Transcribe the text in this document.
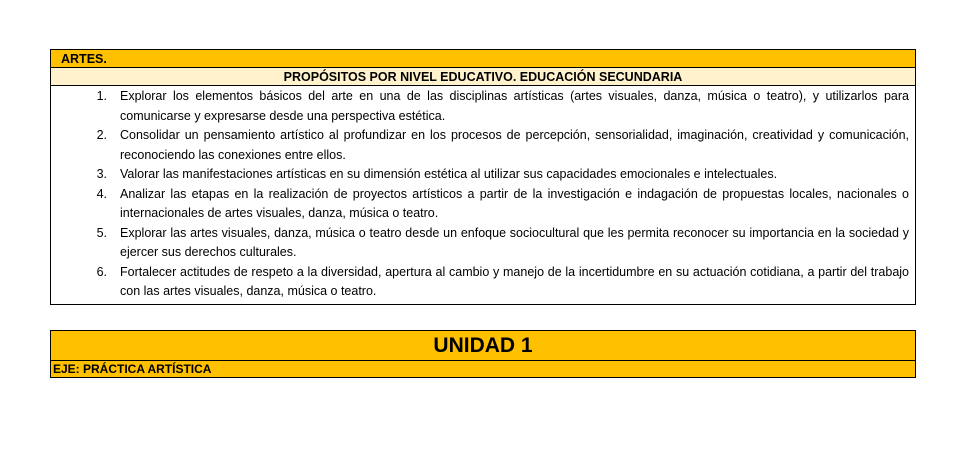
ARTES.
PROPÓSITOS POR NIVEL EDUCATIVO. EDUCACIÓN SECUNDARIA

1.	Explorar los elementos básicos del arte en una de las disciplinas artísticas (artes visuales, danza, música o teatro), y utilizarlos para comunicarse y expresarse desde una perspectiva estética.
2.	Consolidar un pensamiento artístico al profundizar en los procesos de percepción, sensorialidad, imaginación, creatividad y comunicación, reconociendo las conexiones entre ellos.
3.	Valorar las manifestaciones artísticas en su dimensión estética al utilizar sus capacidades emocionales e intelectuales.
4.	Analizar las etapas en la realización de proyectos artísticos a partir de la investigación e indagación de propuestas locales, nacionales o internacionales de artes visuales, danza, música o teatro.
5.	Explorar las artes visuales, danza, música o teatro desde un enfoque sociocultural que les permita reconocer su importancia en la sociedad y ejercer sus derechos culturales.
6.	Fortalecer actitudes de respeto a la diversidad, apertura al cambio y manejo de la incertidumbre en su actuación cotidiana, a partir del trabajo con las artes visuales, danza, música o teatro.
UNIDAD 1
EJE: PRÁCTICA ARTÍSTICA
